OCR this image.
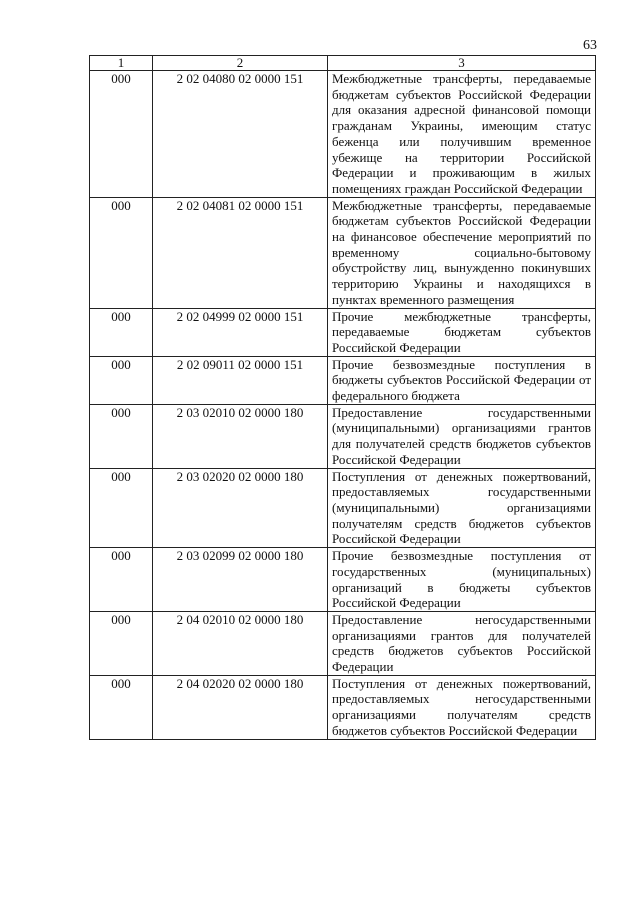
63
1	2	3
000	2 02 04080 02 0000 151	Межбюджетные трансферты, передаваемые бюджетам субъектов Российской Федерации для оказания адресной финансовой помощи гражданам Украины, имеющим статус беженца или получившим временное убежище на территории Российской Федерации и проживающим в жилых помещениях граждан Российской Федерации
000	2 02 04081 02 0000 151	Межбюджетные трансферты, передаваемые бюджетам субъектов Российской Федерации на финансовое обеспечение мероприятий по временному социально-бытовому обустройству лиц, вынужденно покинувших территорию Украины и находящихся в пунктах временного размещения
000	2 02 04999 02 0000 151	Прочие межбюджетные трансферты, передаваемые бюджетам субъектов Российской Федерации
000	2 02 09011 02 0000 151	Прочие безвозмездные поступления в бюджеты субъектов Российской Федерации от федерального бюджета
000	2 03 02010 02 0000 180	Предоставление государственными (муниципальными) организациями грантов для получателей средств бюджетов субъектов Российской Федерации
000	2 03 02020 02 0000 180	Поступления от денежных пожертвований, предоставляемых государственными (муниципальными) организациями получателям средств бюджетов субъектов Российской Федерации
000	2 03 02099 02 0000 180	Прочие безвозмездные поступления от государственных (муниципальных) организаций в бюджеты субъектов Российской Федерации
000	2 04 02010 02 0000 180	Предоставление негосударственными организациями грантов для получателей средств бюджетов субъектов Российской Федерации
000	2 04 02020 02 0000 180	Поступления от денежных пожертвований, предоставляемых негосударственными организациями получателям средств бюджетов субъектов Российской Федерации
